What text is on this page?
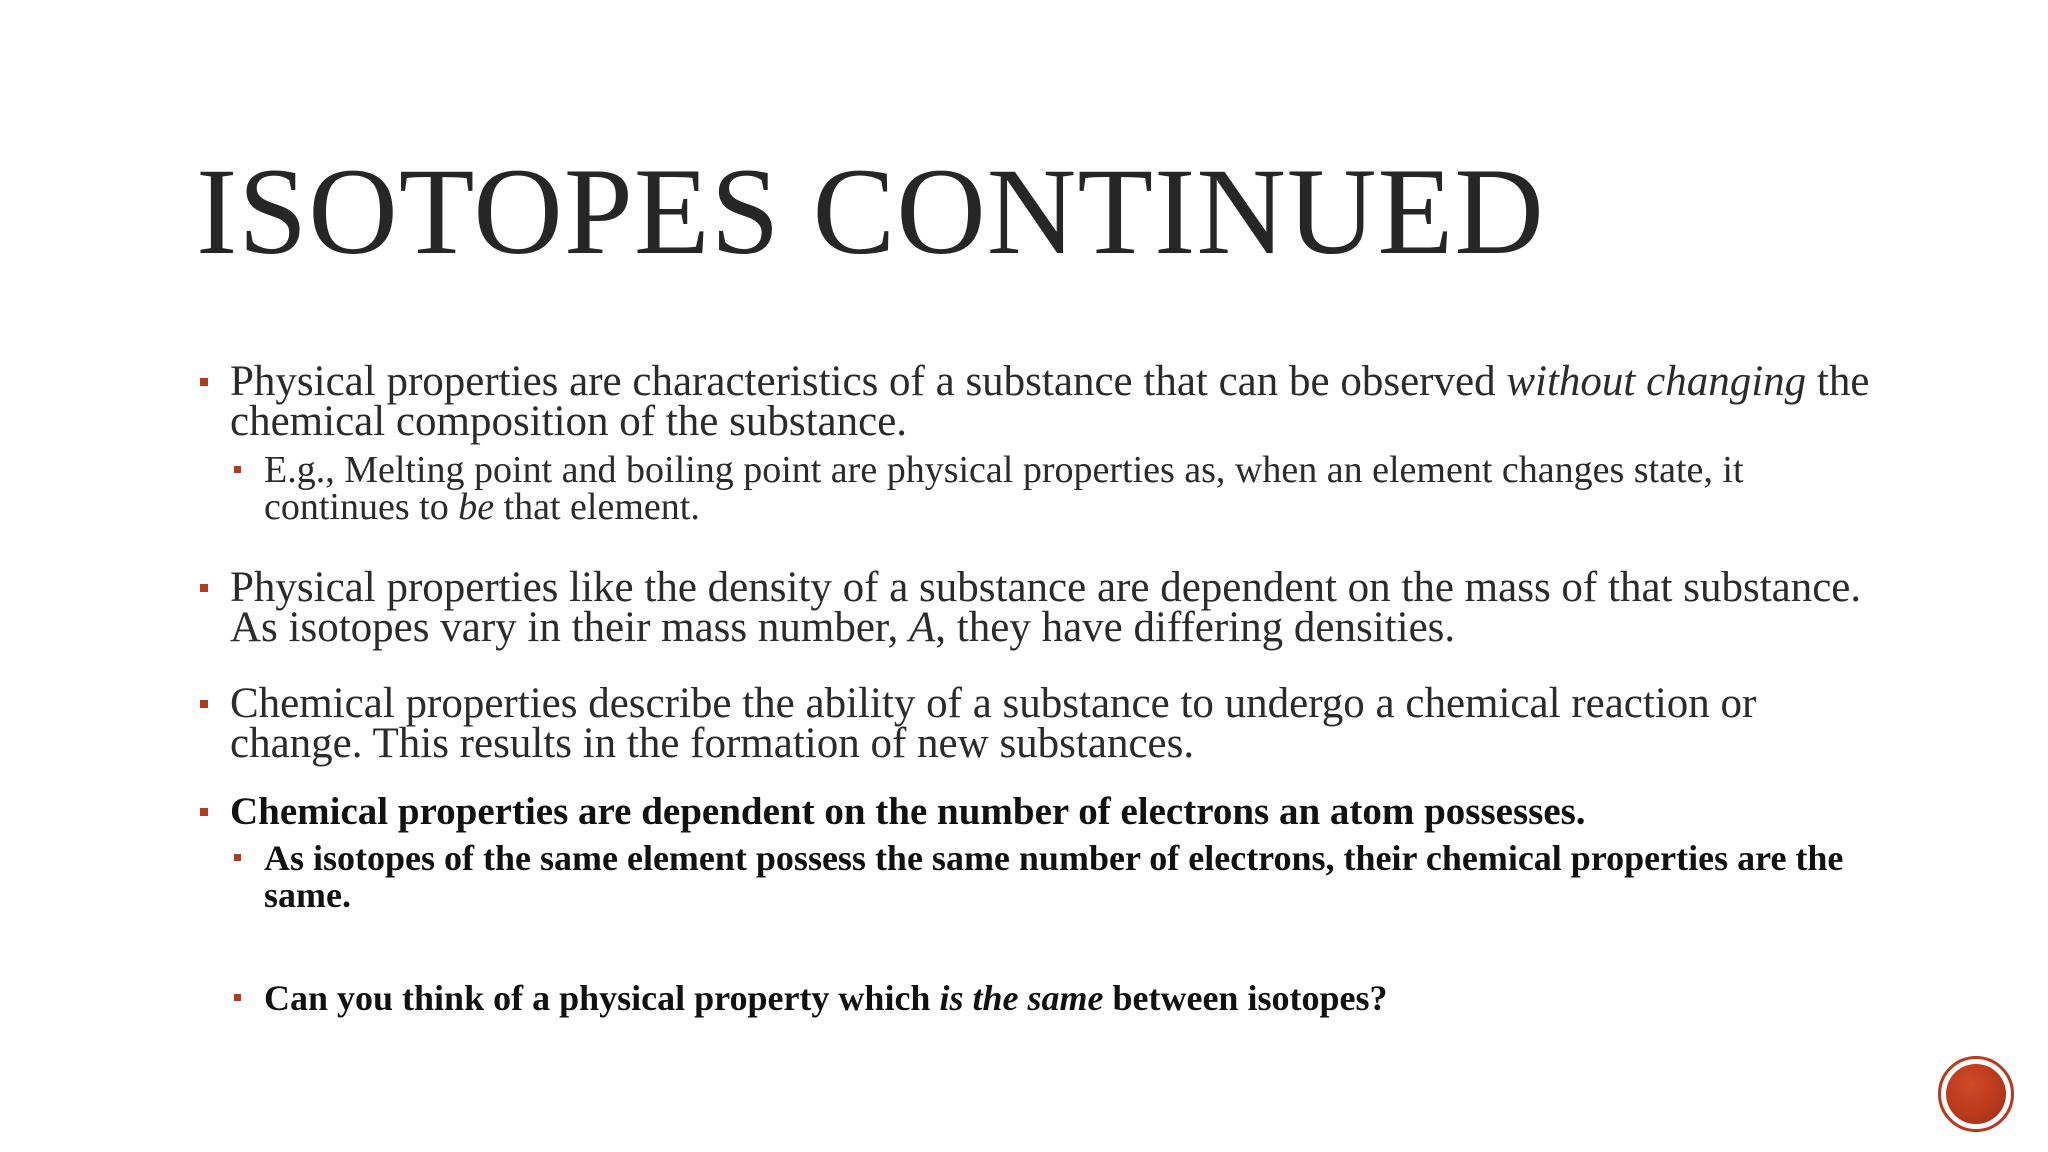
ISOTOPES CONTINUED
Physical properties are characteristics of a substance that can be observed without changing the chemical composition of the substance.
E.g., Melting point and boiling point are physical properties as, when an element changes state, it continues to be that element.
Physical properties like the density of a substance are dependent on the mass of that substance. As isotopes vary in their mass number, A, they have differing densities.
Chemical properties describe the ability of a substance to undergo a chemical reaction or change. This results in the formation of new substances.
Chemical properties are dependent on the number of electrons an atom possesses.
As isotopes of the same element possess the same number of electrons, their chemical properties are the same.
Can you think of a physical property which is the same between isotopes?
